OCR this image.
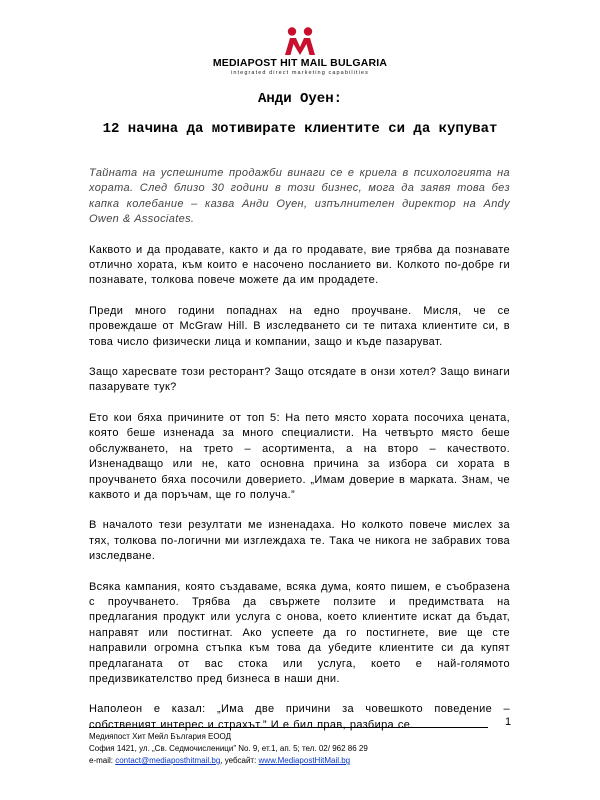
MEDIAPOST HIT MAIL BULGARIA
integrated direct marketing capabilities
Анди Оуен:
12 начина да мотивирате клиентите си да купуват

Тайната на успешните продажби винаги се е криела в психологията на хората. След близо 30 години в този бизнес, мога да заявя това без капка колебание – казва Анди Оуен, изпълнителен директор на Andy Owen & Associates.

Каквото и да продавате, както и да го продавате, вие трябва да познавате отлично хората, към които е насочено посланието ви. Колкото по-добре ги познавате, толкова повече можете да им продадете.

Преди много години попаднах на едно проучване. Мисля, че се провеждаше от McGraw Hill. В изследването си те питаха клиентите си, в това число физически лица и компании, защо и къде пазаруват.

Защо харесвате този ресторант? Защо отсядате в онзи хотел? Защо винаги пазарувате тук?

Ето кои бяха причините от топ 5: На пето място хората посочиха цената, която беше изненада за много специалисти. На четвърто място беше обслужването, на трето – асортимента, а на второ – качеството. Изненадващо или не, като основна причина за избора си хората в проучването бяха посочили доверието. „Имам доверие в марката. Знам, че каквото и да поръчам, ще го получа.”

В началото тези резултати ме изненадаха. Но колкото повече мислех за тях, толкова по-логични ми изглеждаха те. Така че никога не забравих това изследване.

Всяка кампания, която създаваме, всяка дума, която пишем, е съобразена с проучването. Трябва да свържете ползите и предимствата на предлагания продукт или услуга с онова, което клиентите искат да бъдат, направят или постигнат. Ако успеете да го постигнете, вие ще сте направили огромна стъпка към това да убедите клиентите си да купят предлаганата от вас стока или услуга, което е най-голямото предизвикателство пред бизнеса в наши дни.

Наполеон е казал: „Има две причини за човешкото поведение – собственият интерес и страхът.” И е бил прав, разбира се.	1
Медияпост Хит Мейл България ЕООД
София 1421, ул. „Св. Седмочисленици” No. 9, ет.1, ап. 5; тел. 02/ 962 86 29
e-mail: contact@mediaposthitmail.bg, уебсайт: www.MediapostHitMail.bg
